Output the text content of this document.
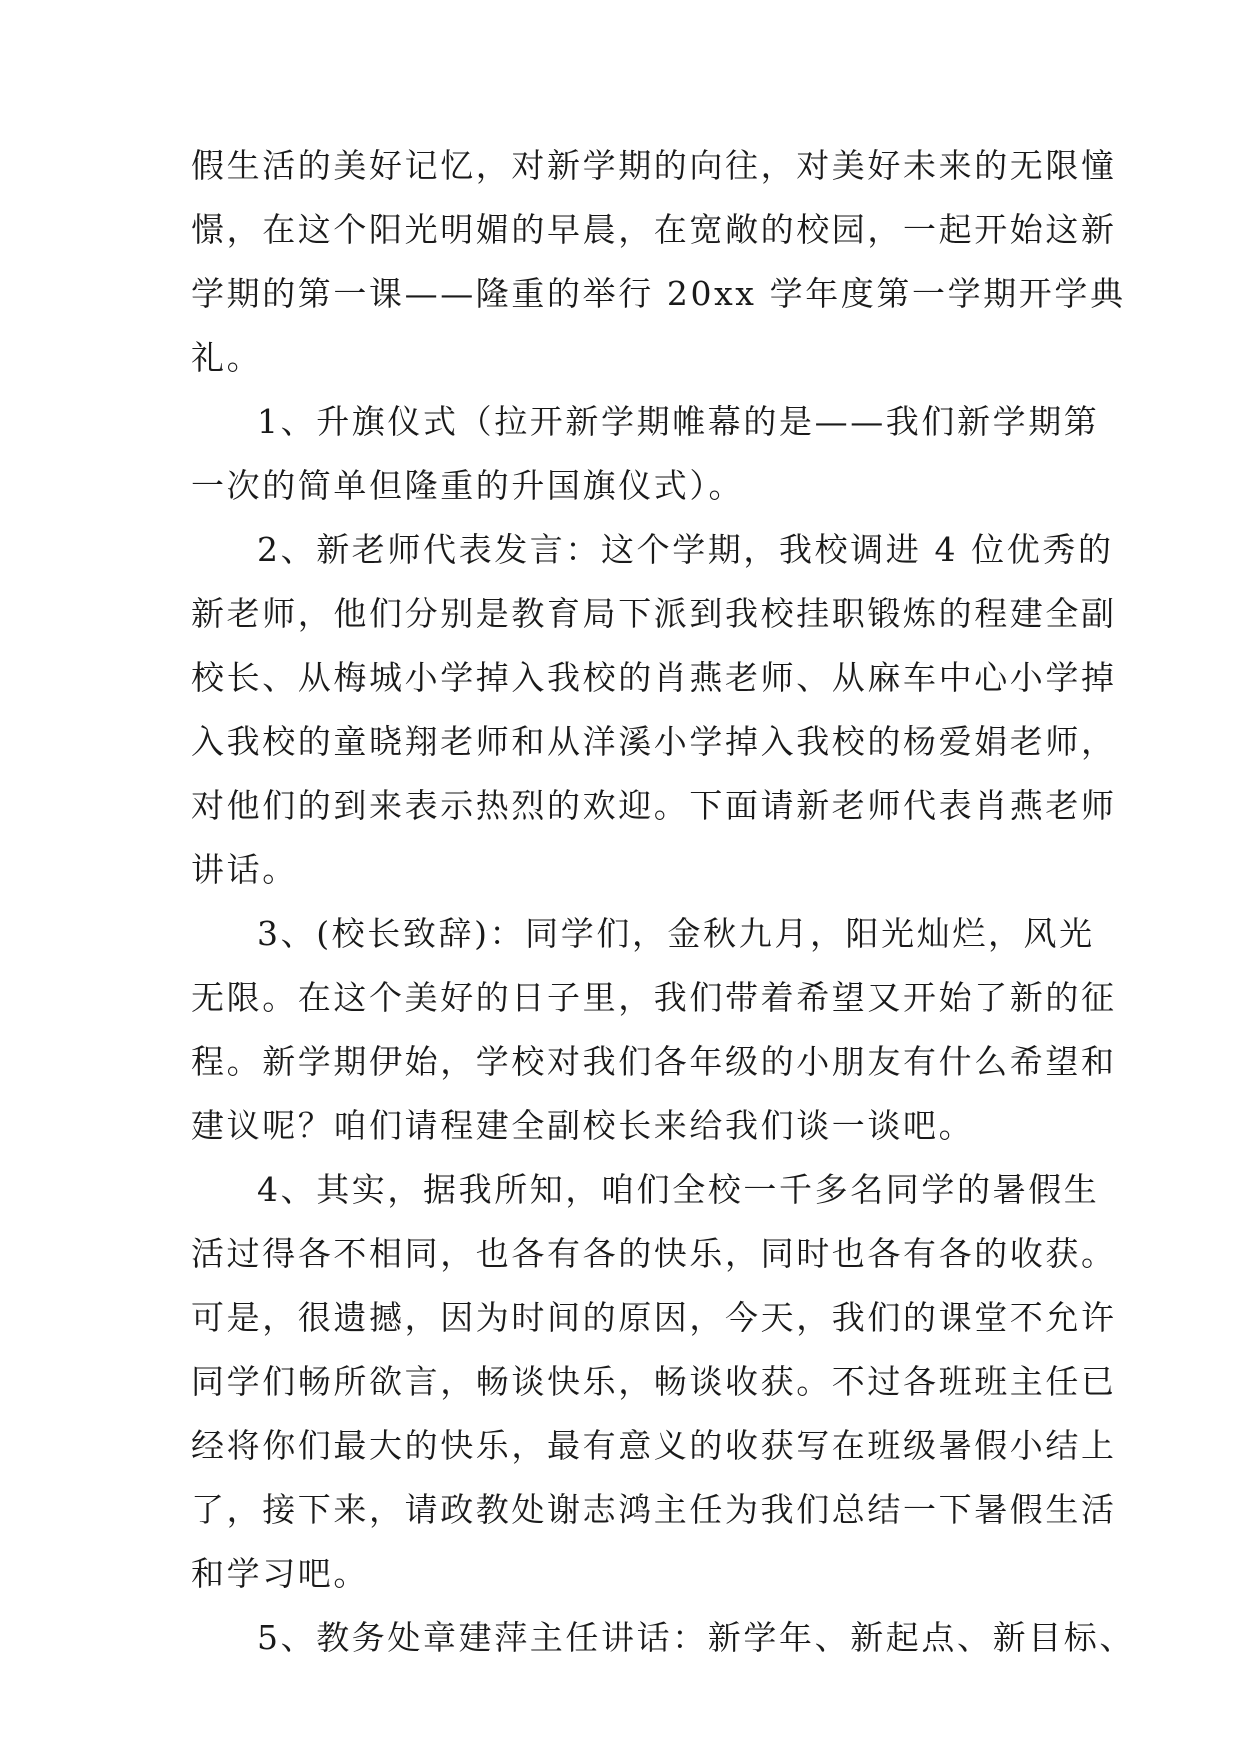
假生活的美好记忆，对新学期的向往，对美好未来的无限憧
憬，在这个阳光明媚的早晨，在宽敞的校园，一起开始这新
学期的第一课——隆重的举行 20xx 学年度第一学期开学典
礼。
1、升旗仪式（拉开新学期帷幕的是——我们新学期第
一次的简单但隆重的升国旗仪式）。
2、新老师代表发言：这个学期，我校调进 4 位优秀的
新老师，他们分别是教育局下派到我校挂职锻炼的程建全副
校长、从梅城小学掉入我校的肖燕老师、从麻车中心小学掉
入我校的童晓翔老师和从洋溪小学掉入我校的杨爱娟老师，
对他们的到来表示热烈的欢迎。下面请新老师代表肖燕老师
讲话。
3、(校长致辞)：同学们，金秋九月，阳光灿烂，风光
无限。在这个美好的日子里，我们带着希望又开始了新的征
程。新学期伊始，学校对我们各年级的小朋友有什么希望和
建议呢？咱们请程建全副校长来给我们谈一谈吧。
4、其实，据我所知，咱们全校一千多名同学的暑假生
活过得各不相同，也各有各的快乐，同时也各有各的收获。
可是，很遗撼，因为时间的原因，今天，我们的课堂不允许
同学们畅所欲言，畅谈快乐，畅谈收获。不过各班班主任已
经将你们最大的快乐，最有意义的收获写在班级暑假小结上
了，接下来，请政教处谢志鸿主任为我们总结一下暑假生活
和学习吧。
5、教务处章建萍主任讲话：新学年、新起点、新目标、
